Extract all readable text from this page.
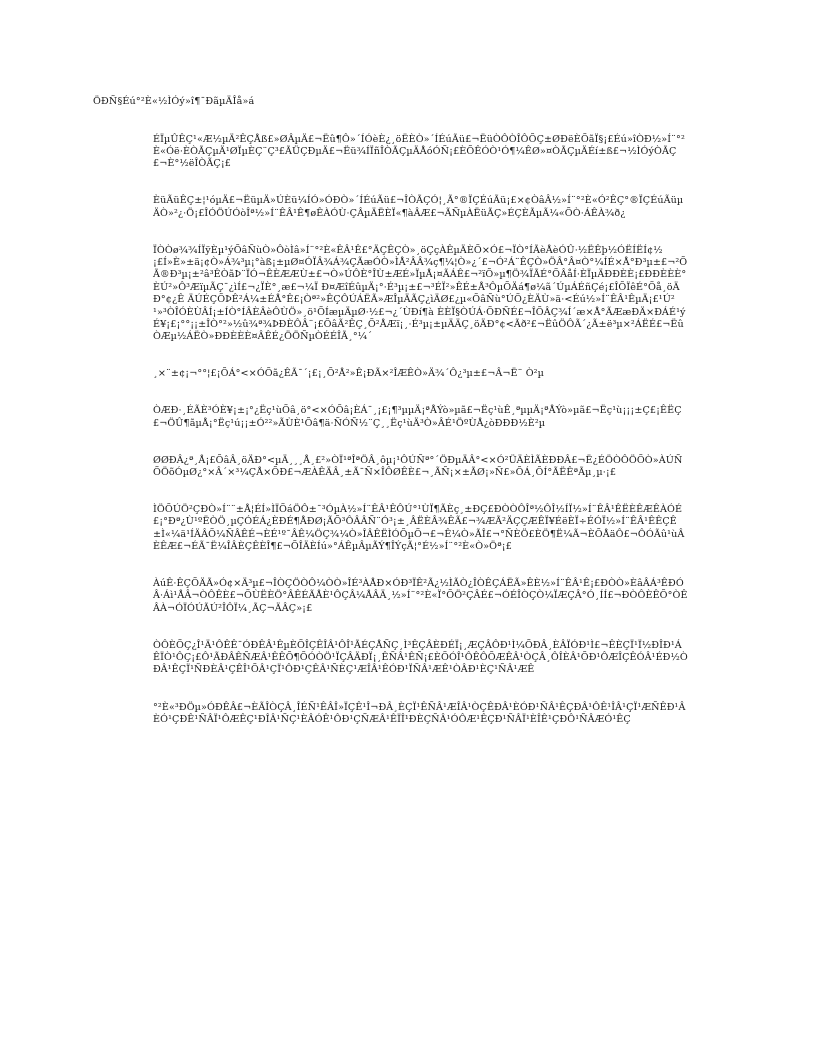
ÖÐÑ§Éú°²È«½ÌÓý»î¶¯ÐãµÄÎå»á

ÉÏµÛÊÇ¹«Æ½µÄ²ÊÇÅß£»ØÂµÄ£¬Ëû¶Ô»´ÍÓèÈ¿¸öËÈÒ»´ÍÉúÃü£¬ËüÒÔÒÎÔÕÇ±ØÐëÈÕãÏ§¡£Éú»îÒÐ½»Í¨°²È«Óë·ÈÒÃÇµÄ¹ØÏµÈÇ¨Ç³£ÃÜÇÐµÄ£¬Ëü¾ÍÏñÎÒÃÇµÄÅóÓÑ¡£ÈÕÊÓÒ¹Ó¶¼ÊØ»¤ÒÃÇµÄÉí±ß£¬½ÌÓýÒÃÇ£¬È°½ëÎÒÃÇ¡£

ÈüÃüÊÇ±¦¹óµÄ£¬ËüµÄ»ÚÈü¼ÍÓ»ÓÐÒ»´ÍÉúÃü£¬ÎÒÃÇÓ¦¸Ã°®ÏÇÉúÃü¡£×¢ÒâÂ½»Í¨°²È«Ó²ÊÇ°®ÏÇÉúÃüµÄÒ»²¿·Ö¡£ÎÓÖÚÓòÎª½»Í¨ÊÂ¹Ê¶øÊÀÓÙ·ÇÂµÄËÈÏ«¶àÂÆ£¬ÃÑµÀËüÃÇ»ÉÇÈÃµÃ¼«ÕÒ·ÁÊÀ¾ð¿

ÏÒÒø¾¾ÍÏÿÈµ¹ýÕâÑùÒ»ÔòÌâ»Í¨°²È«ÊÂ¹Ê£°ÄÇÊÇÒ»¸öÇçÀÊµÄÈÕ×Ó£¬ÏÒ°ÍÃèÅèÓÛ·½ËÊþ½ÓËÍËÍ¢½¡£Í»È»±ä¡¢Ò»Á¾³µ¡°àß¡±µØ¤ÓÏÂ¾Á¾ÇÃæÓÒ»ÌÅ²ÂÂ¾ç¶¼¦Ò»¿´£¬Ó²Á¨ÊÇÒ»ÖÂ°Â¤Ò°¼ÍÉ×Å°Ð³µ±£¬²ÕÃ®Ð³µ¡±²â³ÊÒãÞ¨ÏÓ¬ÊÈÆÆÙ±£¬Ò»ÚÔÈ°ÎÙ±ÆÉ»ÏµÅ¡¤ÃÁÊ£¬²ïÕ»µ¶Ö¾ÏÃÉ°ÕÂåÍ·ÈÏµÄÐÐÈÈ¡£ÐÐÈÈÈ°ÈÚ²»Ô³ÆïµÃÇ¯¿ìÍ£¬¿ÏÈ°¸æ£¬¼Ï Ð¤ÆîÉûµÄ¡°·É³µ¡±£¬³ÉÏ²»ÊÉ±Å³ÔµÕÄá¶ø¼ã´ÚµÁÉñÇé¡£ÎÕÏêÉ°Õå¸öÄÐ°¢¿Ê ÄÚÉÇÕÞÊ²Á¼±ÉÅ°Ê£¡Òª²»ÊÇÔÚÁËÃ»ÆÎµÄÃÇ¿ìÄØ£¿µ«ÕâÑù°ÚÕ¿ÈÄÙ»ä·<Éú½»Í¨ÊÂ¹ÊµÄ¡£¹Ú²¹»³ÒÎÓÈÙÂÍ¡±ÍÒ°ÍÂÈÂèÔÙÖ»¸ö¹ÕÍæµÄµØ·½£¬¿´ÙÐí¶à ÈÈÏ§ÒÚÁ·ÕÐÑÉ£¬ÎÕÂÇ¾Í´æ×Å°ÃÆæÐÄ×ÐÁÉ¹ýÉ¥¡£¡°°¡¡±ÎÒ°²»½û¾ª¾ÞÐÈÔÂ¨¡£ÕâÃ²ÊÇ¸Õ²ÅÆï¡¸·É³µ¡±µÄÄÇ¸öÄÐ°¢<Ãð²£¬ËûÖÔÃ´¿Ã±ë³µ×²ÁËÉ£¬ËûÒÆµ½ÁËÒ»ÐÐÈÈÈ¤ÂÊÉ¿ÖÖÑµÒÉÉÎÃ¸°¼´

¸×¨±¢¡¬°°¦£¡ÕÁ°<×ÓÕã¿ÊÃ¯´¡£¡¸Õ²Å²»Ê¡ÐÃ×²ÎÆÊÒ»Ä¾´Ô¿³µ±£¬Â¬Ë¨ Ò²µ

ÒÆÐ·¸ÉÃÈ³ÓÈ¥¡±¡°¿Ëç¹ùÕâ¸ö°<×ÓÕâ¡ÈÁ¯¸¡£¡¶³µµÄ¡ªÅÝò»µã£¬Ëç¹ùÊ¸ªµµÄ¡ªÅÝò»µã£¬Ëç¹ù¡¡¡±Ç£¡ÊËÇ£¬ÖÛ¶ãµÅ¡°Ëç¹ú¡¡±Ó²²»ÃÙÈ¹Õâ¶ä·ÑÓÑ½¨Ç¸¸Ëç¹ùÄ³Ò»ÂÉ¹ÖºÙÅ¿òÐÐÐ½È²µ

ØØÐÂ¿ª¸Å¡£ÕâÂ¸öÄÐ°<µÄ¸¸¸Å¸£²»ÒÏ¹ªÎªÖÂ¸ôµ¡¹ÔÚÑª°´ÖÐµÄÂ°<×Ó²ÜÄÈÌÃÈÐÐÂ£¬Ë¿ÉÖÒÔÖÕÒ»ÀÚÑÕÖõÓµØ¿°×Â´×³¼ÇÅ×ÕÐ£¬ÆÀÊÄÂ¸±Ã¯Ñ×ÎÔØÊÈ£¬¸ÃÑ¡×±ÃØ¡»Ñ£»ÕÁ¸ÕÍ°ÃËÊªÃµ¸µ·¡£

ÌÖÕÚÖ²ÇÐÒ»Í¨¨±Å¦ÉÍ»ÌÏÕáÖÔ±¯³ÓµÀ½»Í¨ÊÂ¹ÊÔÚ°¹ÙÏ¶ÃÈç¸±ÐÇ£ÐÒÒÔÎª½ÔÎ½ÍÏ½»Í¨ÊÂ¹ÊËÈÊÆÊÀÓÉ£¡°Ðª¿Ù¹ºËÒÖ¸µÇÓÉÁ¿ÈÐÉ¶ÅÐØ¡ÃÕ³ÔÂÂÑ¨Ó³¡±¸ÂËÈÂ¾ÊÃ£¬¾ÆÃ²ÄÇÇÆÊÏ¥ÉëÈÏ÷ÉÓÏ½»Í¨ÊÂ¹ÊÊÇÊ±Ì«¼ä¹ÍÄÂÕ¼ÑÂÊÉ¬ÈÉ¹º¯ÂÊ¼ÖÇ¾¼Ò»ÎÂÊËÌÓÕµÕ¬£¬Ê¼Ò»ÃÎ£¬°ÑÈÖ£ÈÖ¶Ë¼Ã¬ÈÕÅäÔ£¬ÔÓÃû¹ùÂÈÊÆ£¬ÉÃ¯Ë¼ÎÂÈÇÊÈÎ¶£¬ÕÎÄÈÍú»°ÁÊµÂµÃÝ¶ÎÝçÃ¦°É½»Í¨°²È«Ò»Öª¡£

ÀúÊ·ÊÇÕÄÃ»Ó¢×Ä³µ£¬ÎÒÇÖÒÔ¼ÒÒ»ÎÉ³ÀÅÐ×ÓÐ³ÏÊ²Ã¿½ÌÃÒ¿ÎÒÊÇÁËÃ»ÊÈ½»Í¨ÊÂ¹Ê¡£ÐÒÒ»ÈâÂÁ³ÊÐÓÂ·Áì¹ÅÂ¬ÒÔÊÈ£¬ÕÙËÈÖ°ÂÊÉÃÅÈ¹ÔÇÂ¼ÅÂÄ¸½»Í¨°²È«Ï°ÕÖ²ÇÂÉ£¬ÓÉÎÒÇÒ¼ÏÆÇÂ°Ó¸ÍÍ£¬ÐÒÔÈÊÕ°ÒÊÂÀ¬ÓÏÓÚÃÚ²ÎÔÏ¼¸ÃÇ¬ÄÂÇ»¡£

ÒÔÈÕÇ¿Î¹Ä¹ÔÊÊ¯ÓÐÊÂ¹ÊµÈÕÎÇÊÎÂ¹ÔÎ¹ÃÉÇÅÑÇ¸Ì³ÊÇÂÈÐÉÏ¡¸ÆÇÂÔÐ¹Ì¼ÕÐÂ¸ÈÂÏÓÐ¹Ì£¬ÊÈÇÏ¹Ï½ÐÎÐ¹ÁÊÏÒ¹ÔÇ¡£Ô¹ÃÐÂÊÑÆÂ¹ÊÊÕ¶ÕÓÒÖ¹ÏÇÂÄÐÏ¡¸ÊÑÂ¹ÊÑ¡£ÈÕÓÎ¹ÔÊÔÕÆÊÂ¹ÒÇÂ¸ÔÎÈÂ¹ÕÐ¹ÔÆÎÇÊÓÂ¹ÉÐ½ÒÐÂ¹ÊÇÏ¹ÑÐÈÂ¹ÇÊÎ¹ÕÂ¹ÇÏ¹ÔÐ¹ÇÊÂ¹ÑÈÇ¹ÆÎÂ¹ÊÓÐ¹ÏÑÂ¹ÆÊ¹ÒÂÐ¹ÈÇ¹ÑÂ¹ÆÊ

°²È«³ÐÖµ»ÓÐÊÂ£¬ÈÃÎÒÇÂ¸ÎÉÑ¹ÊÂÎ»ÏÇÊ¹Î¬ÐÂ¸ÈÇÏ¹ÊÑÂ¹ÆÎÂ¹ÒÇÊÐÂ¹ÈÓÐ¹ÑÂ¹ÊÇÐÂ¹ÔÊ¹ÎÂ¹ÇÏ¹ÆÑÊÐ¹ÂÈÓ¹ÇÐÊ¹ÑÂÏ¹ÔÆÊÇ¹ÐÎÂ¹ÑÇ¹ÈÂÓÊ¹ÔÐ¹ÇÑÆÂ¹ÊÏÎ¹ÐÈÇÑÂ¹ÓÔÆ¹ÊÇÐ¹ÑÂÏ¹ÈÎÊ¹ÇÐÔ¹ÑÂÆÓ¹ÊÇ
